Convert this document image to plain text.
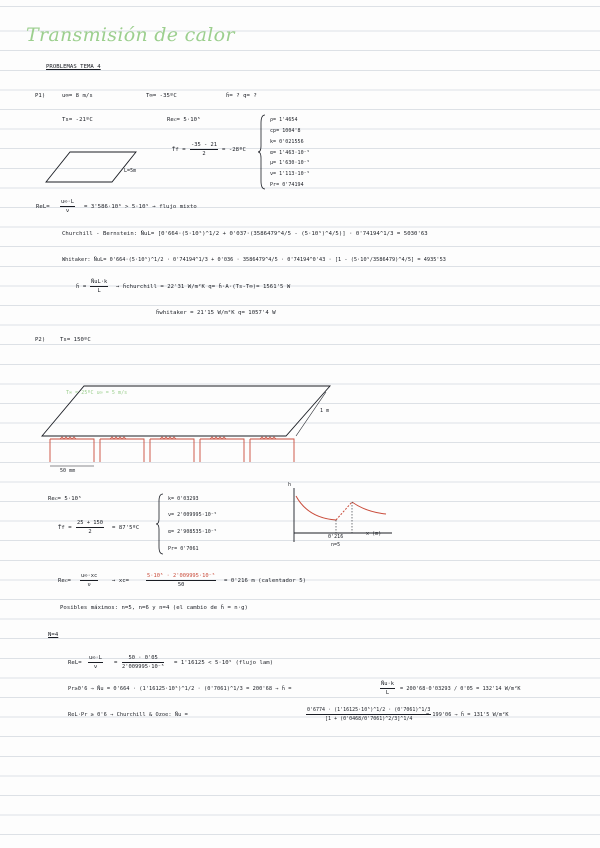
Transmisión de calor
PROBLEMAS TEMA 4
P1)	u∞= 8 m/s	T∞= -35ºC	h̄= ? q= ?
Ts= -21ºC	Reᴄ= 5·10⁵
T̄f = $\frac{-35 - 21}{2}$ = -28ºC
ρ= 1'4654
cp= 1004'8
k= 0'021556
α= 1'463·10⁻⁵
μ= 1'630·10⁻⁵
ν= 1'113·10⁻⁵
Pr= 0'74194
L=5m
$ReL= \frac{u\infty\cdot L}{\nu} = 3'586\cdot 10^6 > 5\cdot 10^5$ → flujo mixto
Churchill - Bernstein: N̄uL= [0'664·(5·10⁵)^1/2 + 0'037·(3586479^4/5 - (5·10⁵)^4/5)] · 0'74194^1/3 = 5030'63
Whitaker: N̄uL= 0'664·(5·10⁵)^1/2 · 0'74194^1/3 + 0'036 · 3586479^4/5 · 0'74194^0'43 · [1 - (5·10⁵/3586479)^4/5] = 4935'53
h̄ = $\frac{N̄uL\cdot k}{L}$ → h̄churchill = 22'31 W/m²K q= h̄·A·(Ts-T∞)= 1561'5 W
h̄whitaker = 21'15 W/m²K q= 1057'4 W
P2)	Ts= 150ºC
T∞ = 25ºC u∞ = 5 m/s
1 m
50 mm
Reᴄ= 5·10⁵	k= 0'03293
ν= 2'009995·10⁻⁵
α= 2'908535·10⁻⁵
Pr= 0'7061
T̄f = $\frac{25 + 150}{2}$ = 87'5ºC
h
x (m)
0'216
n=5
Reᴄ= $\frac{u\infty\cdot xc}{\nu} \to xc=$	$\frac{\text{5·10⁵ · 2'009995·10⁻⁵}}{50} = 0'216$ m (calentador 5)
Posibles máximos: n=5, n=6 y n=4 (el cambio de h̄ = n·g)
N=4
$ReL= \frac{u\infty\cdot L}{\nu} = \frac{50 \cdot 0'05}{\text{2'009995·10⁻⁵}} = 1'16125 < 5\cdot 10^5$ (flujo lam)
Pr≥0'6 → N̄u = 0'664 · (1'16125·10⁵)^1/2 · (0'7061)^1/3 = 200'68 → h̄ =	$\frac{N̄u\cdot k}{L} = 200'68\cdot 0'03293 / 0'05 = 132'14$ W/m²K
ReL·Pr ≥ 0'6 → Churchill & Ozoe: N̄u =	$\frac{\text{0'6774 · (1'16125·10⁵)\textasciicircum{}1/2 · (0'7061)\textasciicircum{}1/3}}{[1 + (0'0468/0'7061)\^{}2/3]\^{}1/4}$
= 199'06 → h̄ = 131'5 W/m²K
